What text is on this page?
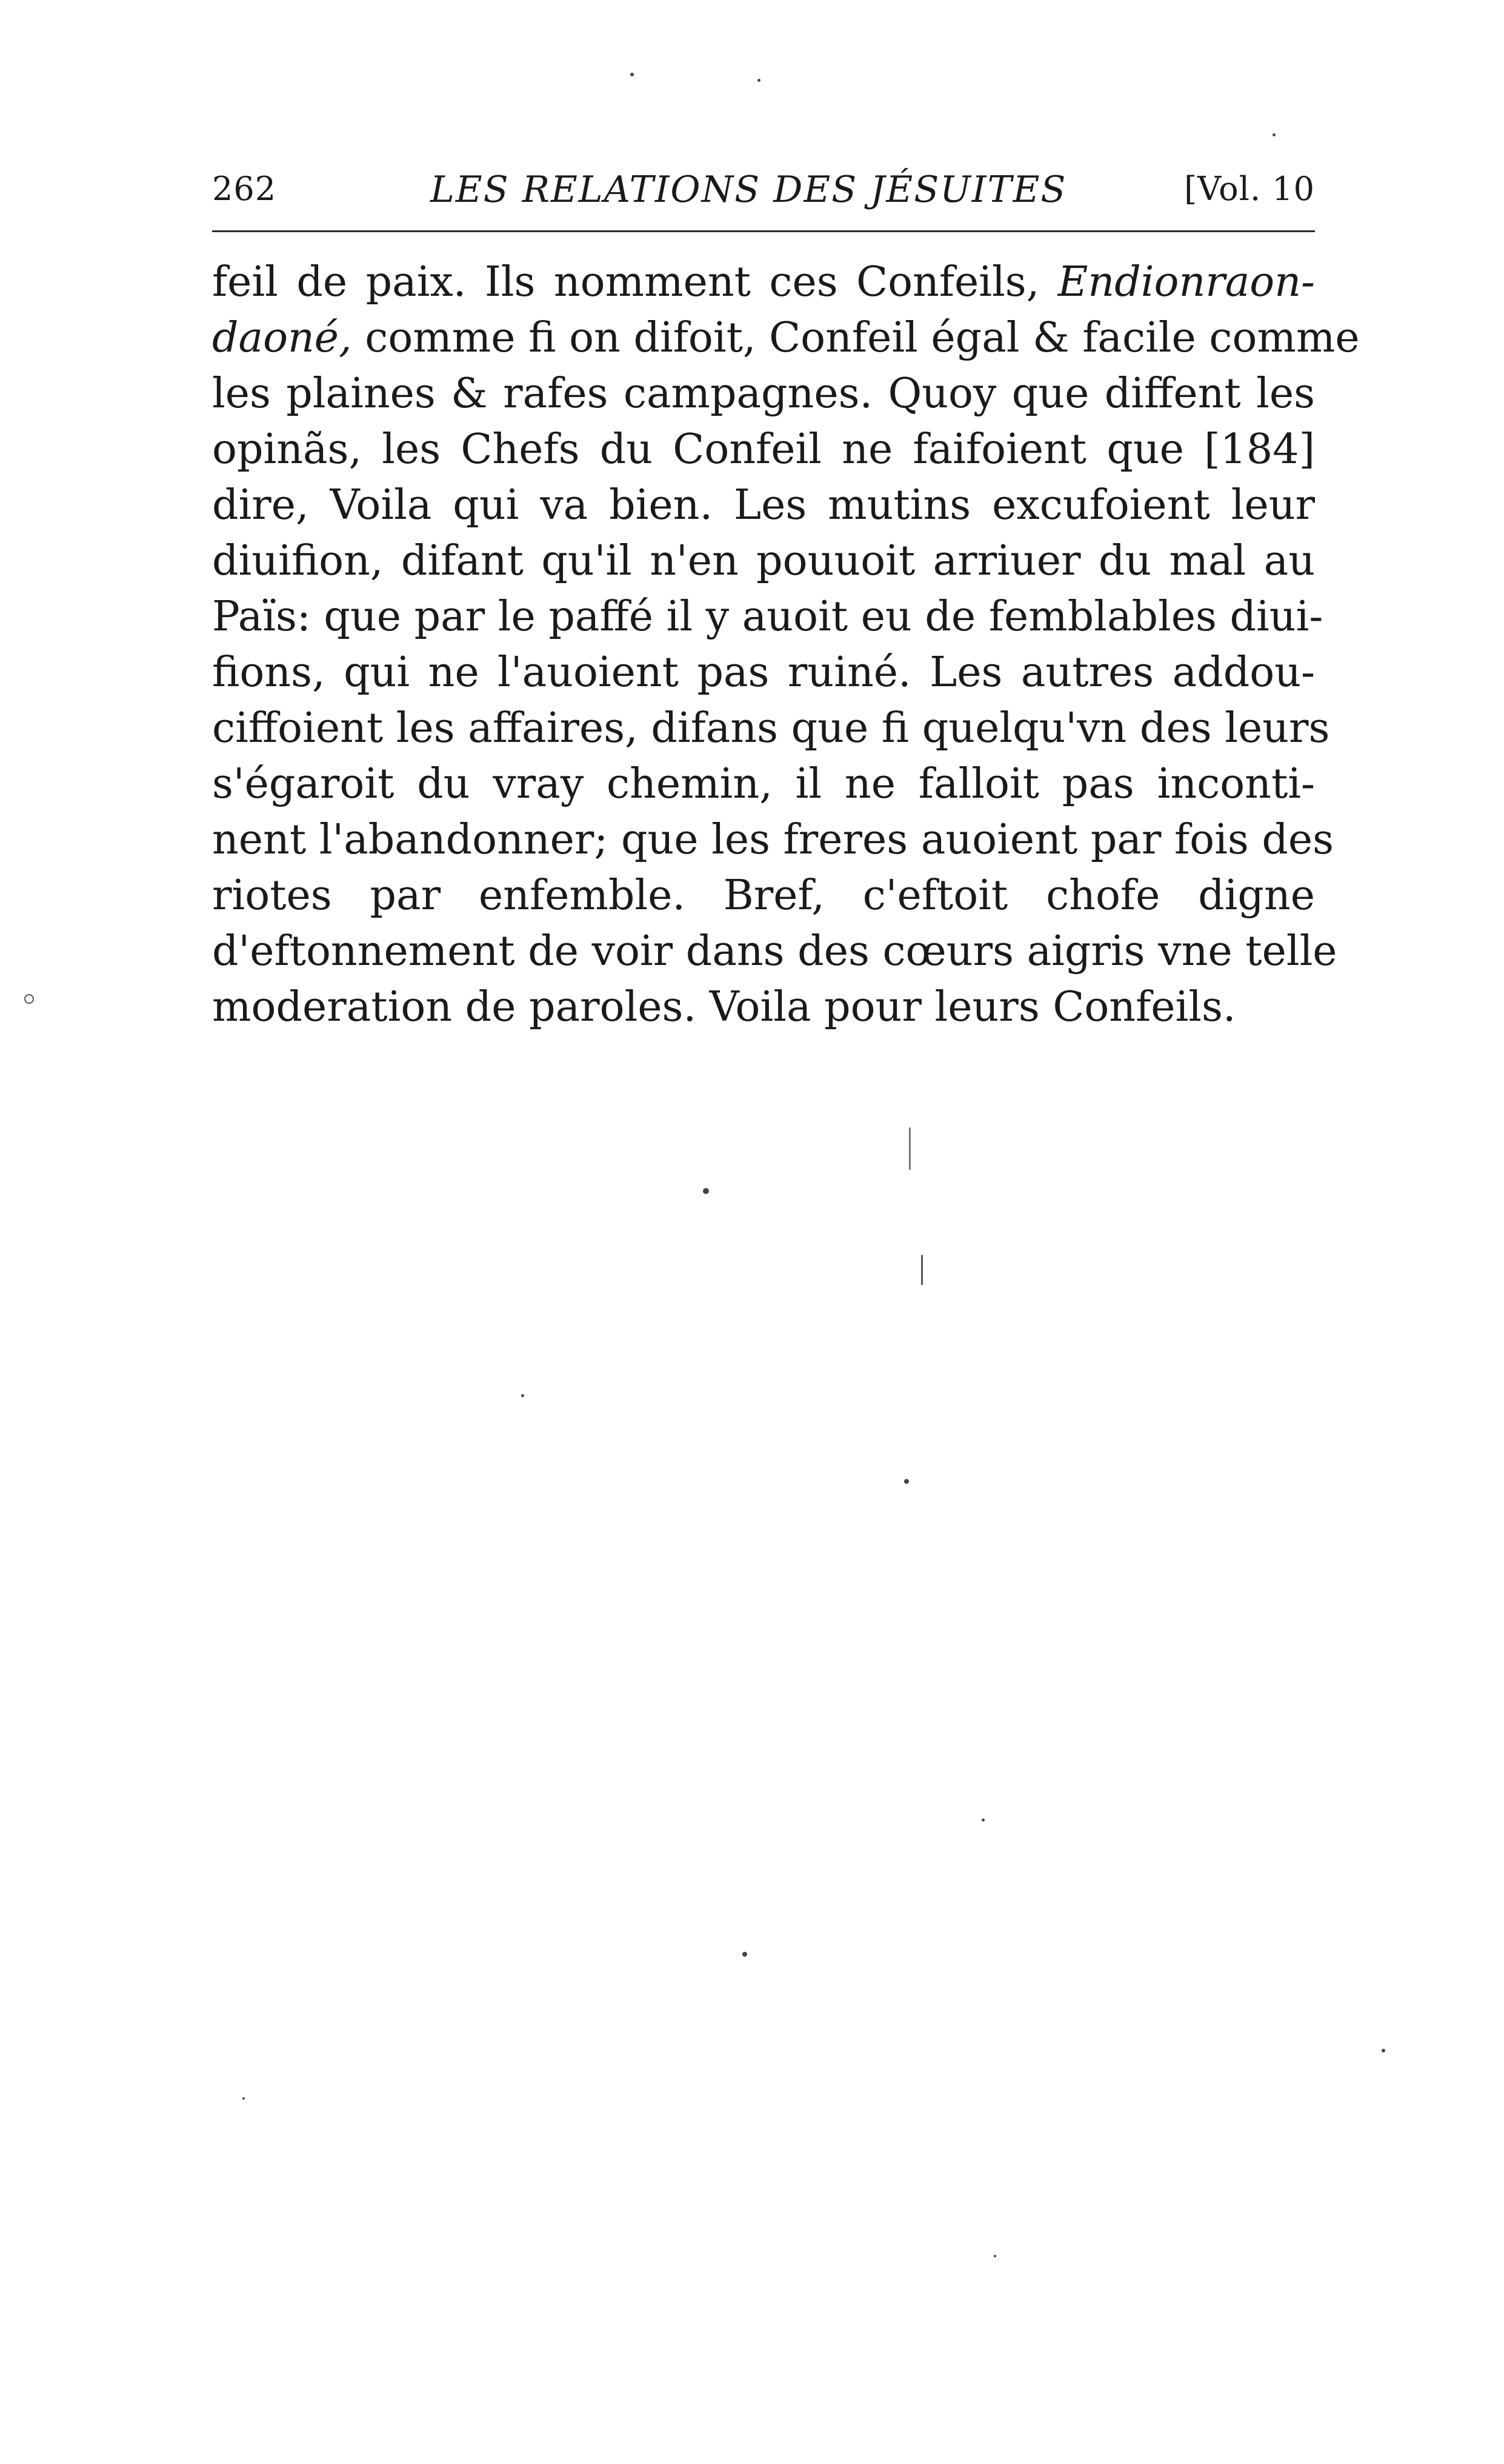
262	LES RELATIONS DES JÉSUITES	[Vol. 10
feil de paix. Ils nomment ces Confeils, Endionraon-
daoné, comme fi on difoit, Confeil égal & facile comme
les plaines & rafes campagnes. Quoy que diffent les
opinãs, les Chefs du Confeil ne faifoient que [184]
dire, Voila qui va bien. Les mutins excufoient leur
diuifion, difant qu'il n'en pouuoit arriuer du mal au
Païs: que par le paffé il y auoit eu de femblables diui-
fions, qui ne l'auoient pas ruiné. Les autres addou-
ciffoient les affaires, difans que fi quelqu'vn des leurs
s'égaroit du vray chemin, il ne falloit pas inconti-
nent l'abandonner; que les freres auoient par fois des
riotes par enfemble. Bref, c'eftoit chofe digne
d'eftonnement de voir dans des cœurs aigris vne telle
moderation de paroles. Voila pour leurs Confeils.
